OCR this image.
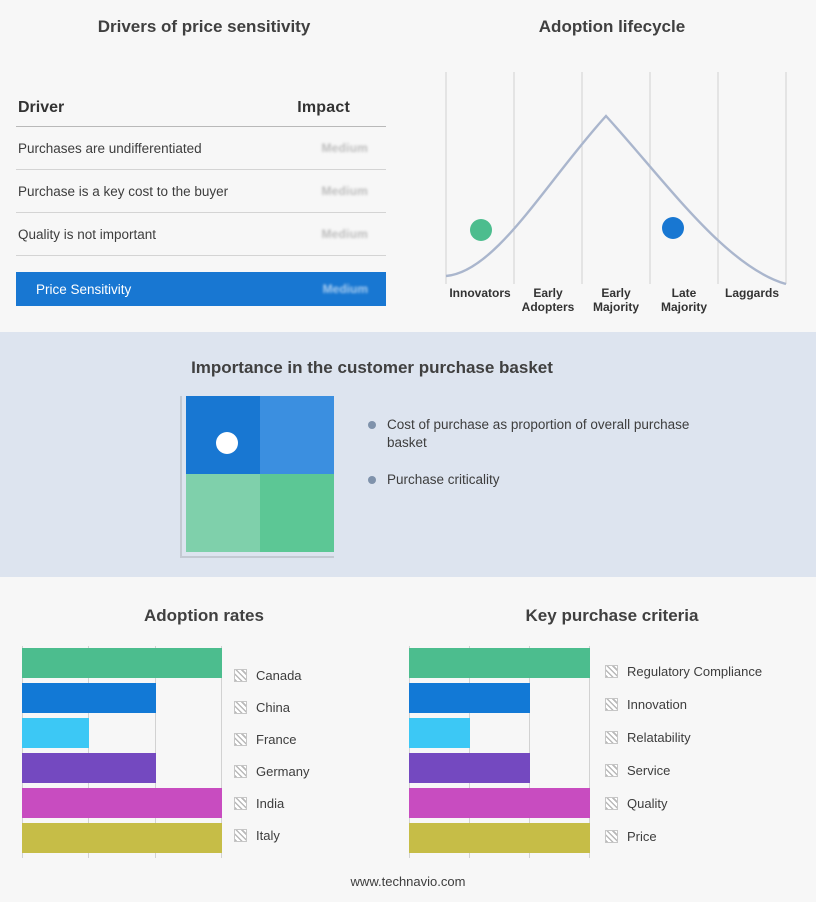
Drivers of price sensitivity
Driver	Impact
Purchases are undifferentiated	Medium
Purchase is a key cost to the buyer	Medium
Quality is not important	Medium
Price Sensitivity	Medium
Adoption lifecycle
Innovators	Early Adopters
Early Majority
Late Majority
Laggards
Importance in the customer purchase basket
Cost of purchase as proportion of overall purchase basket
Purchase criticality
Adoption rates	Key purchase criteria
Canada
China
France
Germany
India
Italy
Regulatory Compliance
Innovation
Relatability
Service
Quality
Price
www.technavio.com
